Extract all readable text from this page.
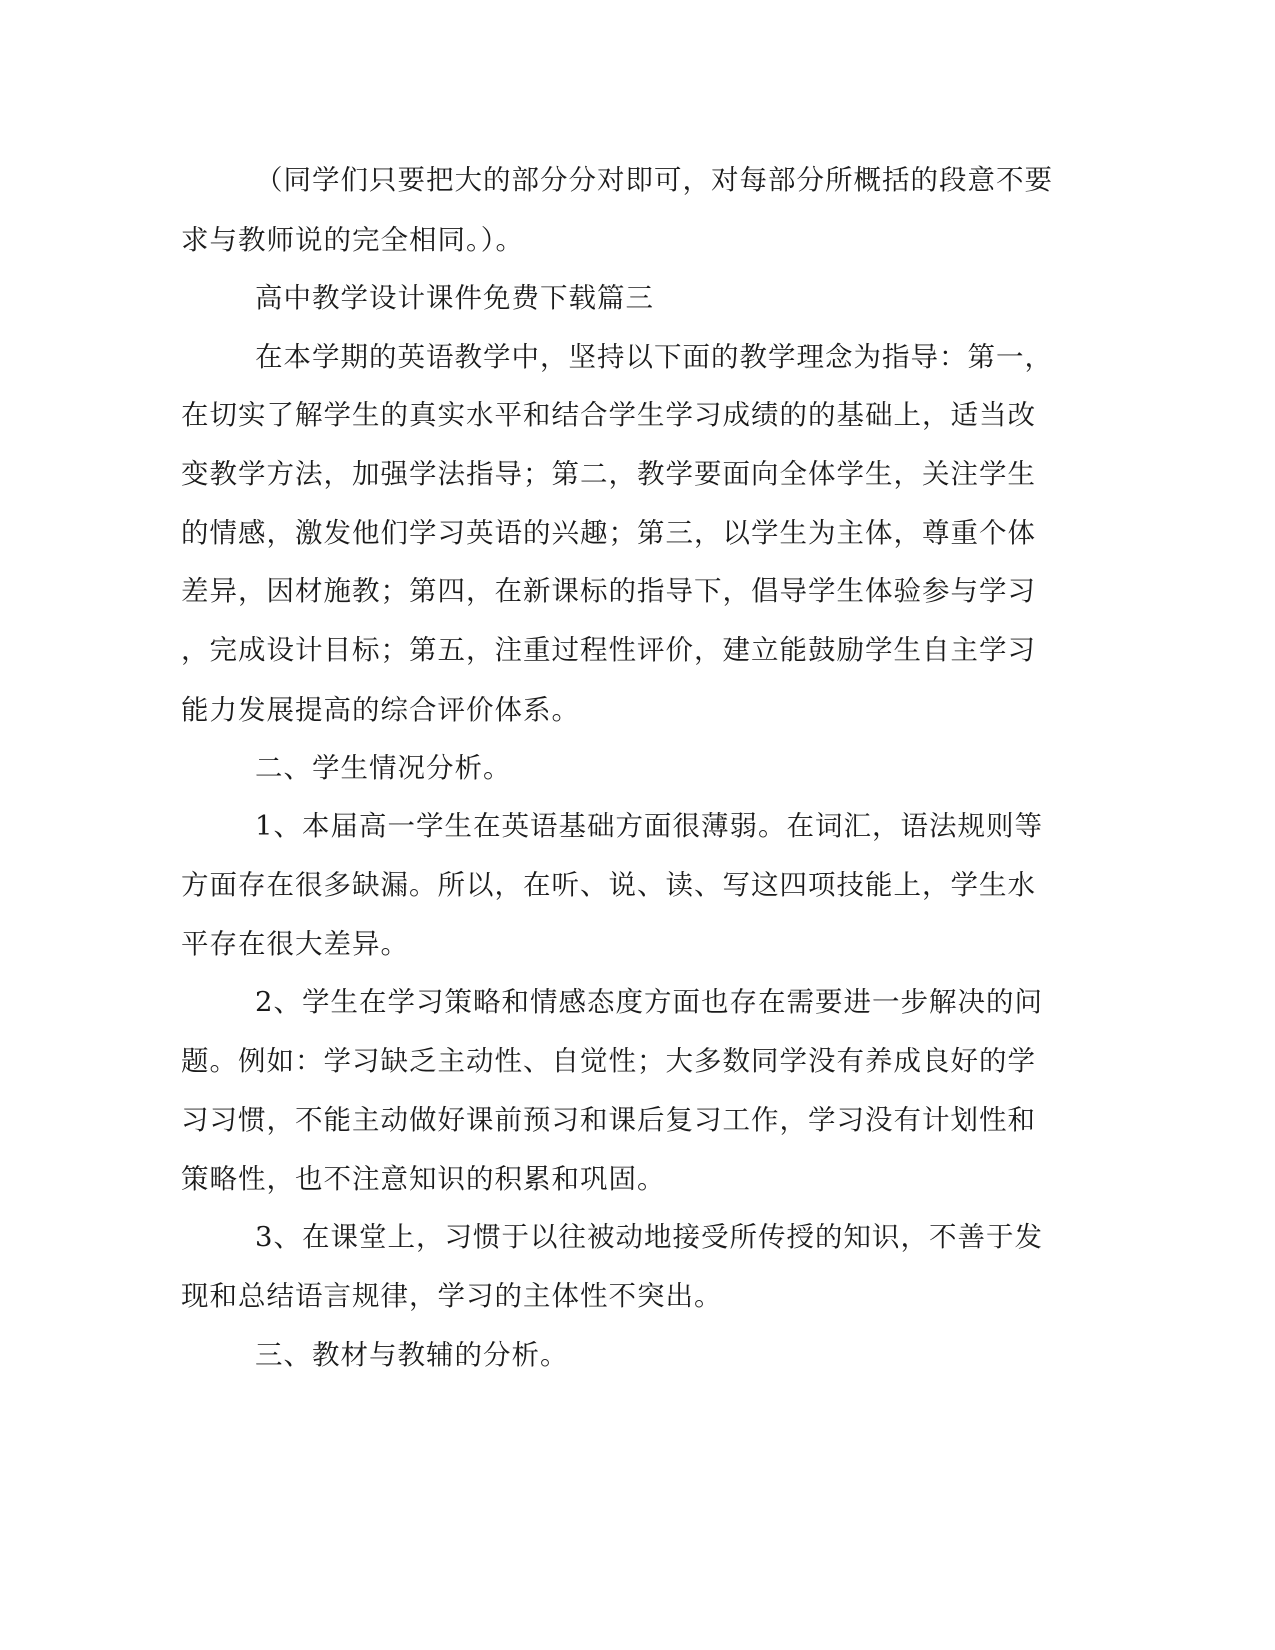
（同学们只要把大的部分分对即可，对每部分所概括的段意不要

求与教师说的完全相同。）。

高中教学设计课件免费下载篇三

在本学期的英语教学中，坚持以下面的教学理念为指导：第一，

在切实了解学生的真实水平和结合学生学习成绩的的基础上，适当改

变教学方法，加强学法指导；第二，教学要面向全体学生，关注学生

的情感，激发他们学习英语的兴趣；第三，以学生为主体，尊重个体

差异，因材施教；第四，在新课标的指导下，倡导学生体验参与学习

，完成设计目标；第五，注重过程性评价，建立能鼓励学生自主学习

能力发展提高的综合评价体系。

二、学生情况分析。

1、本届高一学生在英语基础方面很薄弱。在词汇，语法规则等

方面存在很多缺漏。所以，在听、说、读、写这四项技能上，学生水

平存在很大差异。

2、学生在学习策略和情感态度方面也存在需要进一步解决的问

题。例如：学习缺乏主动性、自觉性；大多数同学没有养成良好的学

习习惯，不能主动做好课前预习和课后复习工作，学习没有计划性和

策略性，也不注意知识的积累和巩固。

3、在课堂上，习惯于以往被动地接受所传授的知识，不善于发

现和总结语言规律，学习的主体性不突出。

三、教材与教辅的分析。
